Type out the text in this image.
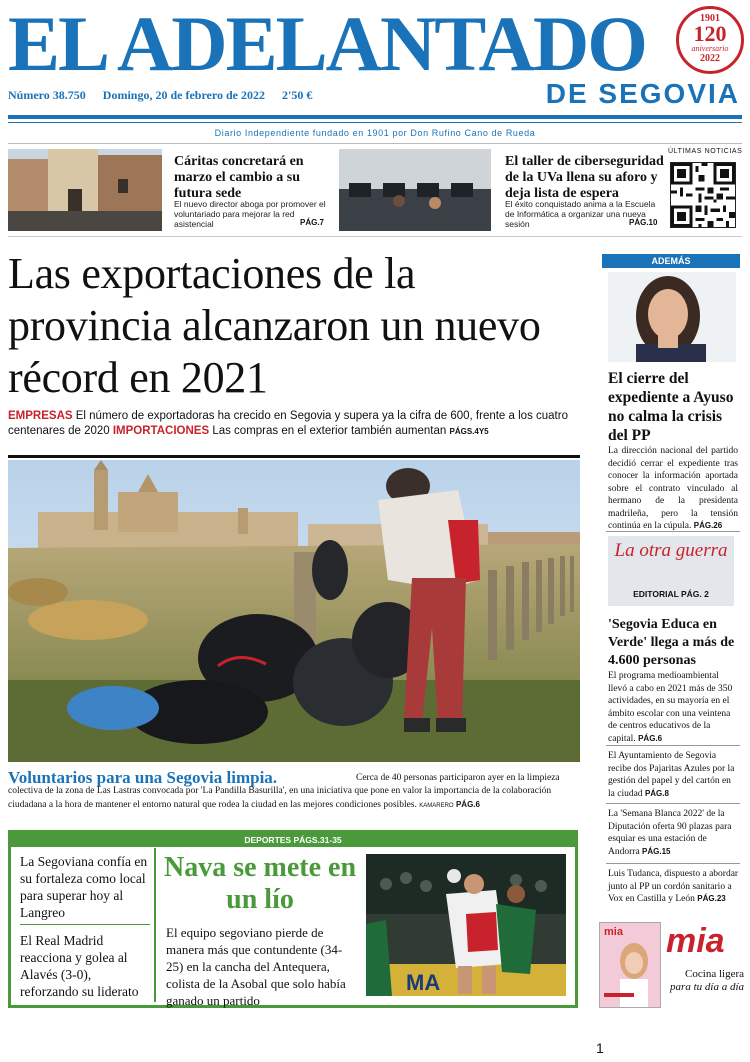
EL ADELANTADO	1901
120
aniversario
2022
Número 38.750 Domingo, 20 de febrero de 2022 2'50 €	DE SEGOVIA
Diario Independiente fundado en 1901 por Don Rufino Cano de Rueda
Cáritas concretará en marzo el cambio a su futura sede
El nuevo director aboga por promover el voluntariado para mejorar la red asistencial	PÁG.7
El taller de ciberseguridad de la UVa llena su aforo y deja lista de espera
El éxito conquistado anima a la Escuela de Informática a organizar una nueva sesión	PÁG.10
ÚLTIMAS NOTICIAS
Las exportaciones de la provincia alcanzaron un nuevo récord en 2021
EMPRESAS El número de exportadoras ha crecido en Segovia y supera ya la cifra de 600, frente a los cuatro centenares de 2020 IMPORTACIONES Las compras en el exterior también aumentan PÁGS.4Y5
Voluntarios para una Segovia limpia.	Cerca de 40 personas participaron ayer en la limpieza colectiva de la zona de Las Lastras convocada por 'La Pandilla Basurilla', en una iniciativa que pone en valor la importancia de la colaboración ciudadana a la hora de mantener el entorno natural que rodea la ciudad en las mejores condiciones posibles. KAMARERO PÁG.6
DEPORTES PÁGS.31-35
La Segoviana confía en su fortaleza como local para superar hoy al Langreo
El Real Madrid reacciona y golea al Alavés (3-0), reforzando su liderato
Nava se mete en un lío
El equipo segoviano pierde de manera más que contundente (34-25) en la cancha del Antequera, colista de la Asobal que solo había ganado un partido
MA
ADEMÁS
El cierre del expediente a Ayuso no calma la crisis del PP
La dirección nacional del partido decidió cerrar el expediente tras conocer la información aportada sobre el contrato vinculado al hermano de la presidenta madrileña, pero la tensión continúa en la cúpula. PÁG.26
La otra guerra
EDITORIAL PÁG. 2
'Segovia Educa en Verde' llega a más de 4.600 personas
El programa medioambiental llevó a cabo en 2021 más de 350 actividades, en su mayoría en el ámbito escolar con una veintena de centros educativos de la capital. PÁG.6
El Ayuntamiento de Segovia recibe dos Pajaritas Azules por la gestión del papel y del cartón en la ciudad PÁG.8
La 'Semana Blanca 2022' de la Diputación oferta 90 plazas para esquiar es una estación de Andorra PÁG.15
Luis Tudanca, dispuesto a abordar junto al PP un cordón sanitario a Vox en Castilla y León PÁG.23
mia mia
Cocina ligera
para tu día a día
1
